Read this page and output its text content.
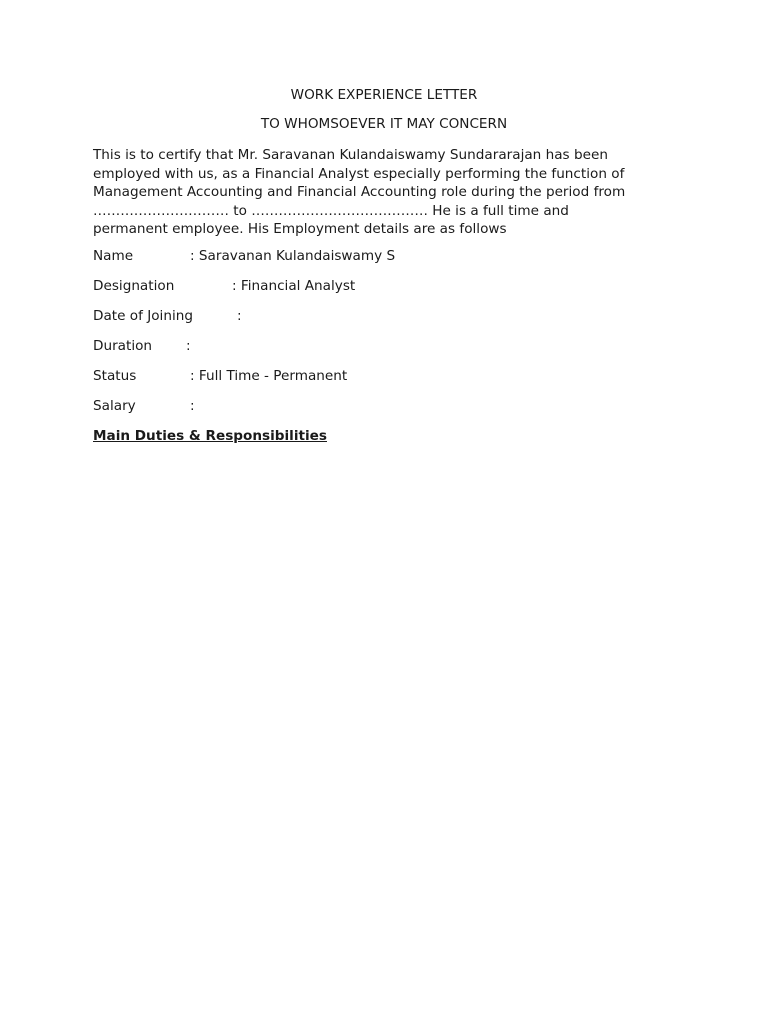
WORK EXPERIENCE LETTER
TO WHOMSOEVER IT MAY CONCERN
This is to certify that Mr. Saravanan Kulandaiswamy Sundararajan has been
employed with us, as a Financial Analyst especially performing the function of
Management Accounting and Financial Accounting role during the period from
………………………… to ………………………………… He is a full time and
permanent employee. His Employment details are as follows
Name	: Saravanan Kulandaiswamy S
Designation	: Financial Analyst
Date of Joining	:
Duration :
Status	: Full Time - Permanent
Salary	:
Main Duties & Responsibilities
